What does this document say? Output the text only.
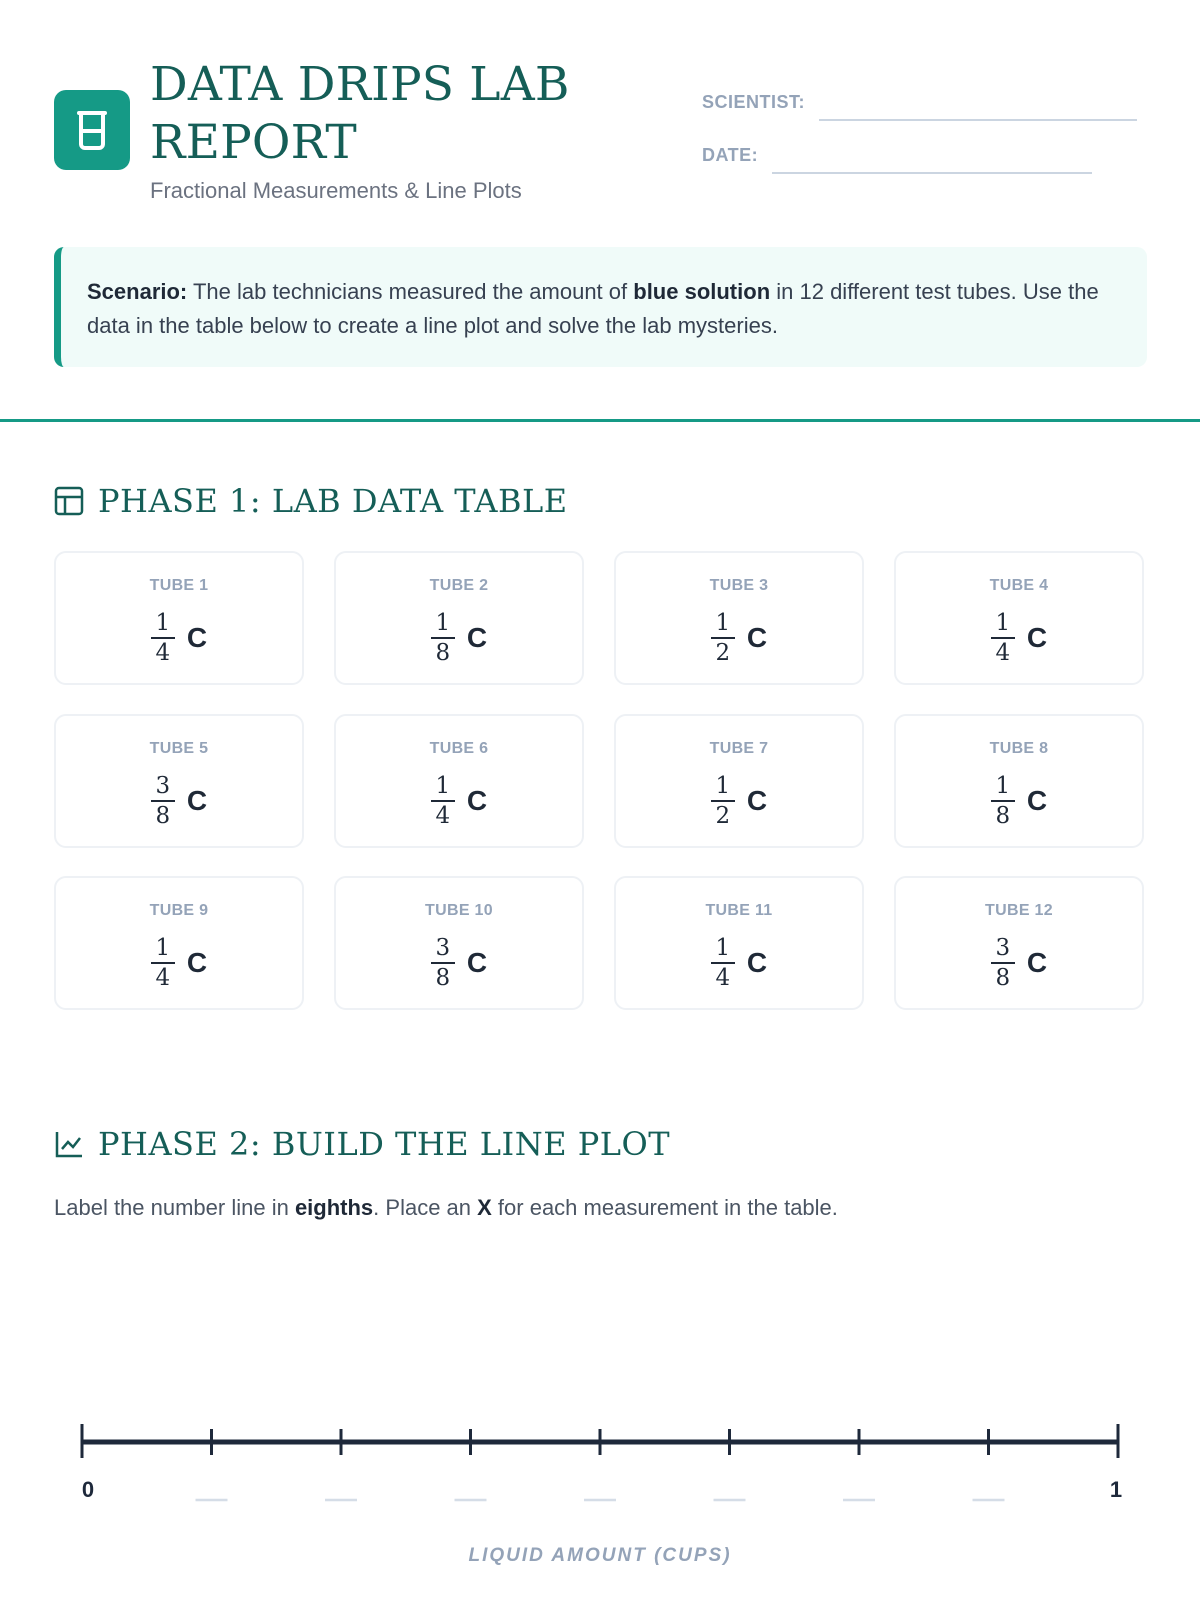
DATA DRIPS LAB REPORT
Fractional Measurements & Line Plots
SCIENTIST:
DATE:
Scenario: The lab technicians measured the amount of blue solution in 12 different test tubes. Use the data in the table below to create a line plot and solve the lab mysteries.
PHASE 1: LAB DATA TABLE
TUBE 1
$\frac{1}{4}$ C
TUBE 2
$\frac{1}{8}$ C
TUBE 3
$\frac{1}{2}$ C
TUBE 4
$\frac{1}{4}$ C
TUBE 5
$\frac{3}{8}$ C
TUBE 6
$\frac{1}{4}$ C
TUBE 7
$\frac{1}{2}$ C
TUBE 8
$\frac{1}{8}$ C
TUBE 9
$\frac{1}{4}$ C
TUBE 10
$\frac{3}{8}$ C
TUBE 11
$\frac{1}{4}$ C
TUBE 12
$\frac{3}{8}$ C
PHASE 2: BUILD THE LINE PLOT
Label the number line in eighths. Place an X for each measurement in the table.
0	1
LIQUID AMOUNT (CUPS)
